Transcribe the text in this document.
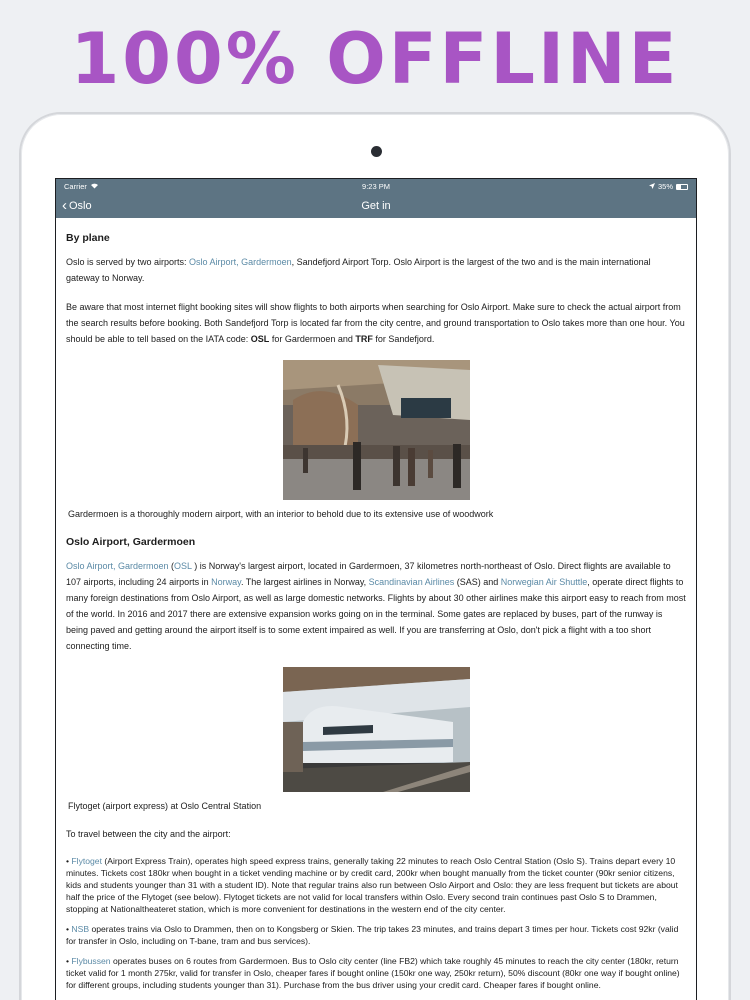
100% OFFLINE
Carrier	9:23 PM	35%
‹ Oslo	Get in
By plane

Oslo is served by two airports: Oslo Airport, Gardermoen, Sandefjord Airport Torp. Oslo Airport is the largest of the two and is the main international gateway to Norway.

Be aware that most internet flight booking sites will show flights to both airports when searching for Oslo Airport. Make sure to check the actual airport from the search results before booking. Both Sandefjord Torp is located far from the city centre, and ground transportation to Oslo takes more than one hour. You should be able to tell based on the IATA code: OSL for Gardermoen and TRF for Sandefjord.

Gardermoen is a thoroughly modern airport, with an interior to behold due to its extensive use of woodwork
Oslo Airport, Gardermoen

Oslo Airport, Gardermoen (OSL ) is Norway's largest airport, located in Gardermoen, 37 kilometres north-northeast of Oslo. Direct flights are available to 107 airports, including 24 airports in Norway. The largest airlines in Norway, Scandinavian Airlines (SAS) and Norwegian Air Shuttle, operate direct flights to many foreign destinations from Oslo Airport, as well as large domestic networks. Flights by about 30 other airlines make this airport easy to reach from most of the world. In 2016 and 2017 there are extensive expansion works going on in the terminal. Some gates are replaced by buses, part of the runway is being paved and getting around the airport itself is to some extent impaired as well. If you are transferring at Oslo, don't pick a flight with a too short connecting time.

Flytoget (airport express) at Oslo Central Station

To travel between the city and the airport:

• Flytoget (Airport Express Train), operates high speed express trains, generally taking 22 minutes to reach Oslo Central Station (Oslo S). Trains depart every 10 minutes. Tickets cost 180kr when bought in a ticket vending machine or by credit card, 200kr when bought manually from the ticket counter (90kr senior citizens, kids and students younger than 31 with a student ID). Note that regular trains also run between Oslo Airport and Oslo: they are less frequent but tickets are about half the price of the Flytoget (see below). Flytoget tickets are not valid for local transfers within Oslo. Every second train continues past Oslo S to Drammen, stopping at Nationaltheateret station, which is more convenient for destinations in the western end of the city center.
• NSB operates trains via Oslo to Drammen, then on to Kongsberg or Skien. The trip takes 23 minutes, and trains depart 3 times per hour. Tickets cost 92kr (valid for transfer in Oslo, including on T-bane, tram and bus services).
• Flybussen operates buses on 6 routes from Gardermoen. Bus to Oslo city center (line FB2) which take roughly 45 minutes to reach the city center (180kr, return ticket valid for 1 month 275kr, valid for transfer in Oslo, cheaper fares if bought online (150kr one way, 250kr return), 50% discount (80kr one way if bought online) for different groups, including students younger than 31). Purchase from the bus driver using your credit card. Cheaper fares if bought online.
